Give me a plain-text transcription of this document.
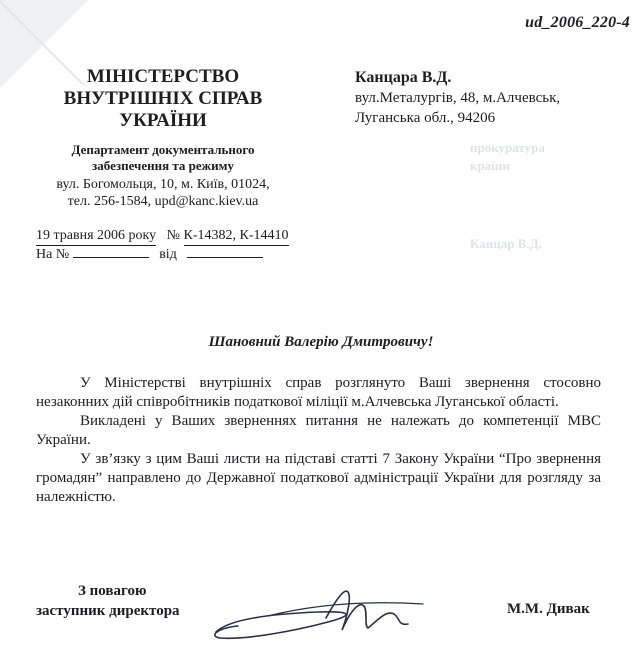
прокуратура
країни
Канцар В.Д.
ud_2006_220-4
МІНІСТЕРСТВО
ВНУТРІШНІХ СПРАВ
УКРАЇНИ
Департамент документального
забезпечення та режиму
вул. Богомольця, 10, м. Київ, 01024,
тел. 256-1584, upd@kanc.kiev.ua
Канцара В.Д.
вул.Металургів, 48, м.Алчевськ,
Луганська обл., 94206
19 травня 2006 року № К-14382, К-14410
На №	від
Шановний Валерію Дмитровичу!

У Міністерстві внутрішніх справ розглянуто Ваші звернення стосовно незаконних дій співробітників податкової міліції м.Алчевська Луганської області.

Викладені у Ваших зверненнях питання не належать до компетенції МВС України.

У зв’язку з цим Ваші листи на підставі статті 7 Закону України “Про звернення громадян” направлено до Державної податкової адміністрації України для розгляду за належністю.

З повагою
заступник директора	М.М. Дивак
